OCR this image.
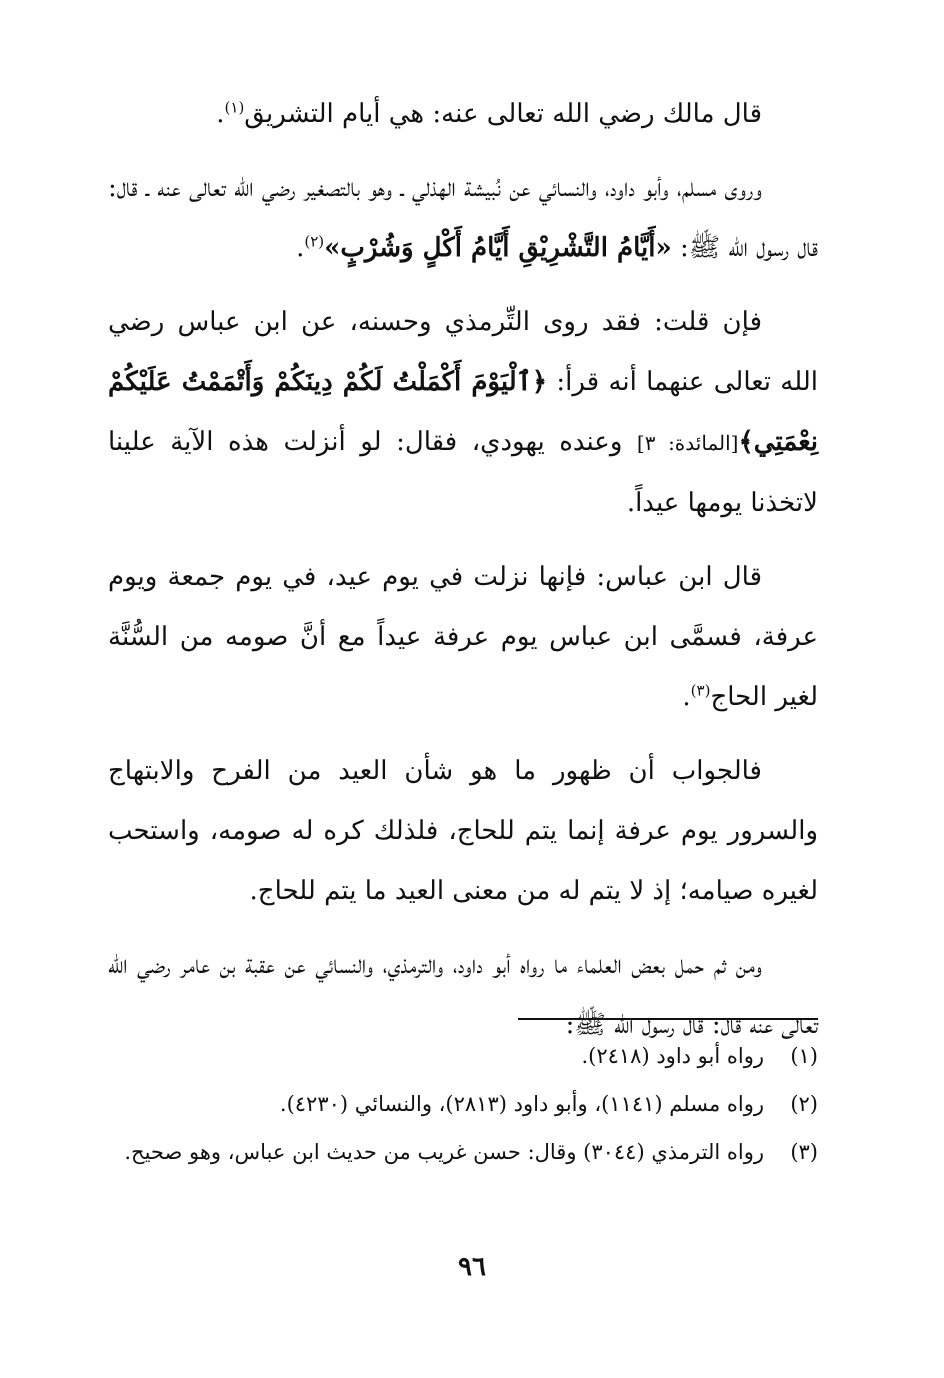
قال مالك رضي الله تعالى عنه: هي أيام التشريق$^{(١)}$.

وروى مسلم، وأبو داود، والنسائي عن نُبيشة الهذلي ـ وهو بالتصغير رضي الله تعالى عنه ـ قال: قال رسول الله ﷺ: «أَيَّامُ التَّشْرِيْقِ أَيَّامُ أَكْلٍ وَشُرْبٍ»$^{(٢)}$.

فإن قلت: فقد روى التِّرمذي وحسنه، عن ابن عباس رضي الله تعالى عنهما أنه قرأ: ﴿ٱلْيَوْمَ أَكْمَلْتُ لَكُمْ دِينَكُمْ وَأَتْمَمْتُ عَلَيْكُمْ نِعْمَتِي﴾[المائدة: ٣] وعنده يهودي، فقال: لو أنزلت هذه الآية علينا لاتخذنا يومها عيداً.

قال ابن عباس: فإنها نزلت في يوم عيد، في يوم جمعة ويوم عرفة، فسمَّى ابن عباس يوم عرفة عيداً مع أنَّ صومه من السُّنَّة لغير الحاج$^{(٣)}$.

فالجواب أن ظهور ما هو شأن العيد من الفرح والابتهاج والسرور يوم عرفة إنما يتم للحاج، فلذلك كره له صومه، واستحب لغيره صيامه؛ إذ لا يتم له من معنى العيد ما يتم للحاج.

ومن ثم حمل بعض العلماء ما رواه أبو داود، والترمذي، والنسائي عن عقبة بن عامر رضي الله تعالى عنه قال: قال رسول الله ﷺ:

(١)
رواه أبو داود (٢٤١٨).

(٢)
رواه مسلم (١١٤١)، وأبو داود (٢٨١٣)، والنسائي (٤٢٣٠).

(٣)
رواه الترمذي (٣٠٤٤) وقال: حسن غريب من حديث ابن عباس، وهو صحيح.

٩٦
